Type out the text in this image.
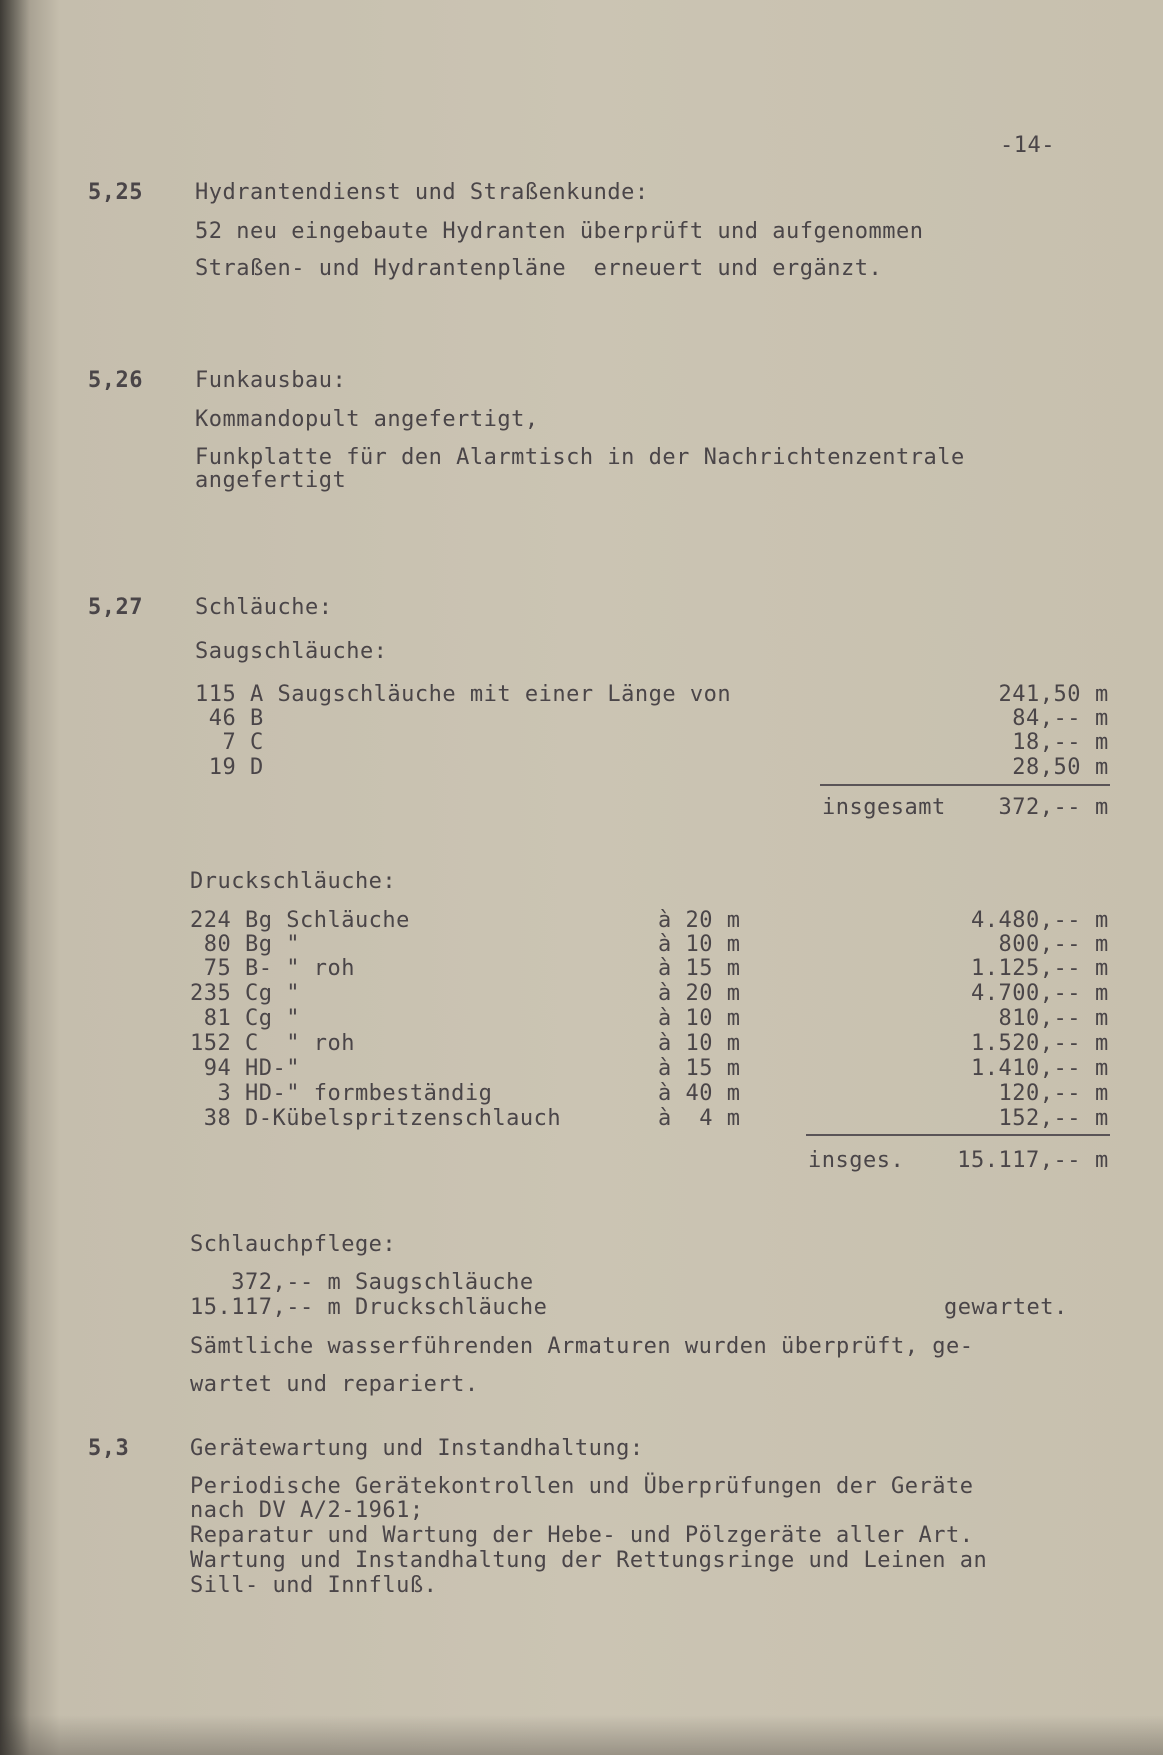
-14-
5,25 Hydrantendienst und Straßenkunde:
52 neu eingebaute Hydranten überprüft und aufgenommen
Straßen- und Hydrantenpläne  erneuert und ergänzt.
5,26 Funkausbau:
Kommandopult angefertigt,
Funkplatte für den Alarmtisch in der Nachrichtenzentrale
angefertigt
5,27 Schläuche:
Saugschläuche:
115 A Saugschläuche mit einer Länge von	241,50 m
46 B	84,-- m
7 C	18,-- m
19 D	28,50 m
insgesamt	372,-- m
Druckschläuche:
224 Bg Schläuche	à 20 m	4.480,-- m
80 Bg "	à 10 m	800,-- m
75 B- " roh	à 15 m	1.125,-- m
235 Cg "	à 20 m	4.700,-- m
81 Cg "	à 10 m	810,-- m
152 C  " roh	à 10 m	1.520,-- m
94 HD-"	à 15 m	1.410,-- m
3 HD-" formbeständig	à 40 m	120,-- m
38 D-Kübelspritzenschlauch	à  4 m	152,-- m
insges.	15.117,-- m
Schlauchpflege:
372,-- m Saugschläuche
15.117,-- m Druckschläuche	gewartet.
Sämtliche wasserführenden Armaturen wurden überprüft, ge-
wartet und repariert.
5,3	Gerätewartung und Instandhaltung:
Periodische Gerätekontrollen und Überprüfungen der Geräte
nach DV A/2-1961;
Reparatur und Wartung der Hebe- und Pölzgeräte aller Art.
Wartung und Instandhaltung der Rettungsringe und Leinen an
Sill- und Innfluß.
